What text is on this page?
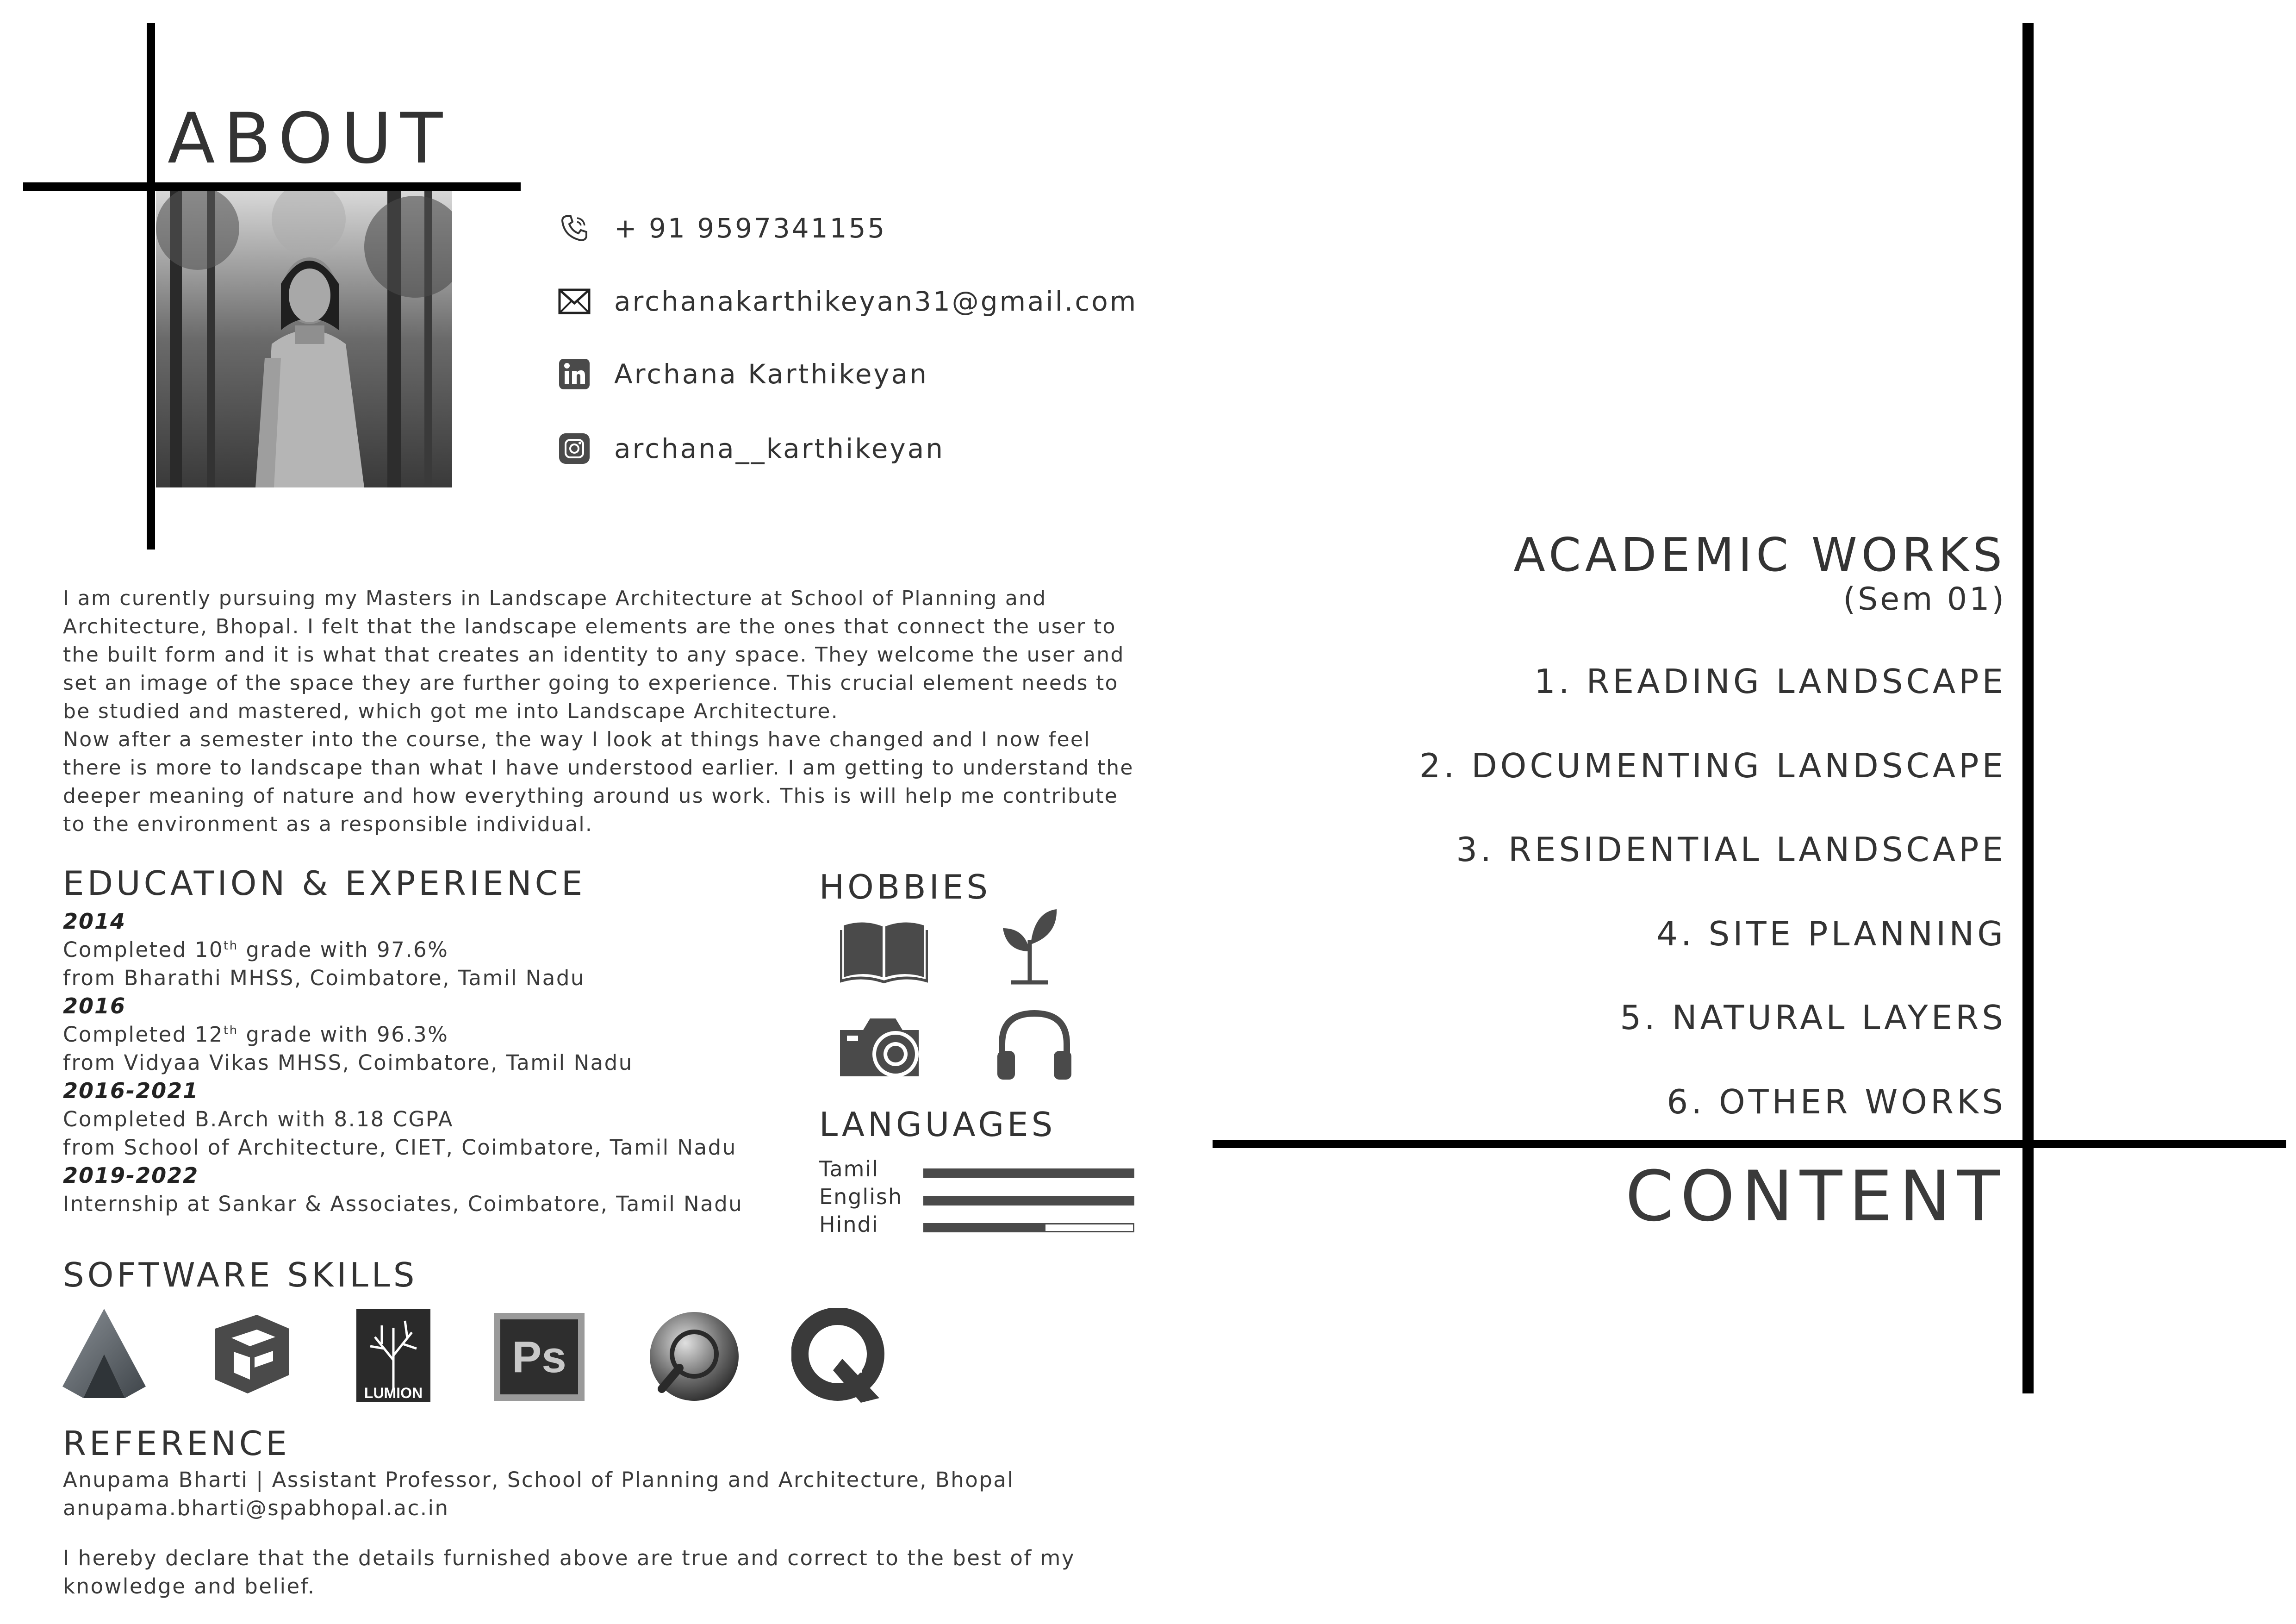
ABOUT
+ 91 9597341155
archanakarthikeyan31@gmail.com
Archana Karthikeyan
archana__karthikeyan

I am curently pursuing my Masters in Landscape Architecture at School of Planning and Architecture, Bhopal. I felt that the landscape elements are the ones that connect the user to the built form and it is what that creates an identity to any space. They welcome the user and set an image of the space they are further going to experience. This crucial element needs to be studied and mastered, which got me into Landscape Architecture.

Now after a semester into the course, the way I look at things have changed and I now feel there is more to landscape than what I have understood earlier. I am getting to understand the deeper meaning of nature and how everything around us work. This is will help me contribute to the environment as a responsible individual.

EDUCATION & EXPERIENCE
2014
Completed 10th grade with 97.6%
from Bharathi MHSS, Coimbatore, Tamil Nadu
2016
Completed 12th grade with 96.3%
from Vidyaa Vikas MHSS, Coimbatore, Tamil Nadu
2016-2021
Completed B.Arch with 8.18 CGPA
from School of Architecture, CIET, Coimbatore, Tamil Nadu
2019-2022
Internship at Sankar & Associates, Coimbatore, Tamil Nadu
HOBBIES
LANGUAGES
Tamil
English
Hindi
SOFTWARE SKILLS
LUMION
Ps
REFERENCE
Anupama Bharti | Assistant Professor, School of Planning and Architecture, Bhopal
anupama.bharti@spabhopal.ac.in
I hereby declare that the details furnished above are true and correct to the best of my
knowledge and belief.
ACADEMIC WORKS
(Sem 01)
1. READING LANDSCAPE
2. DOCUMENTING LANDSCAPE
3. RESIDENTIAL LANDSCAPE
4. SITE PLANNING
5. NATURAL LAYERS
6. OTHER WORKS
CONTENT
